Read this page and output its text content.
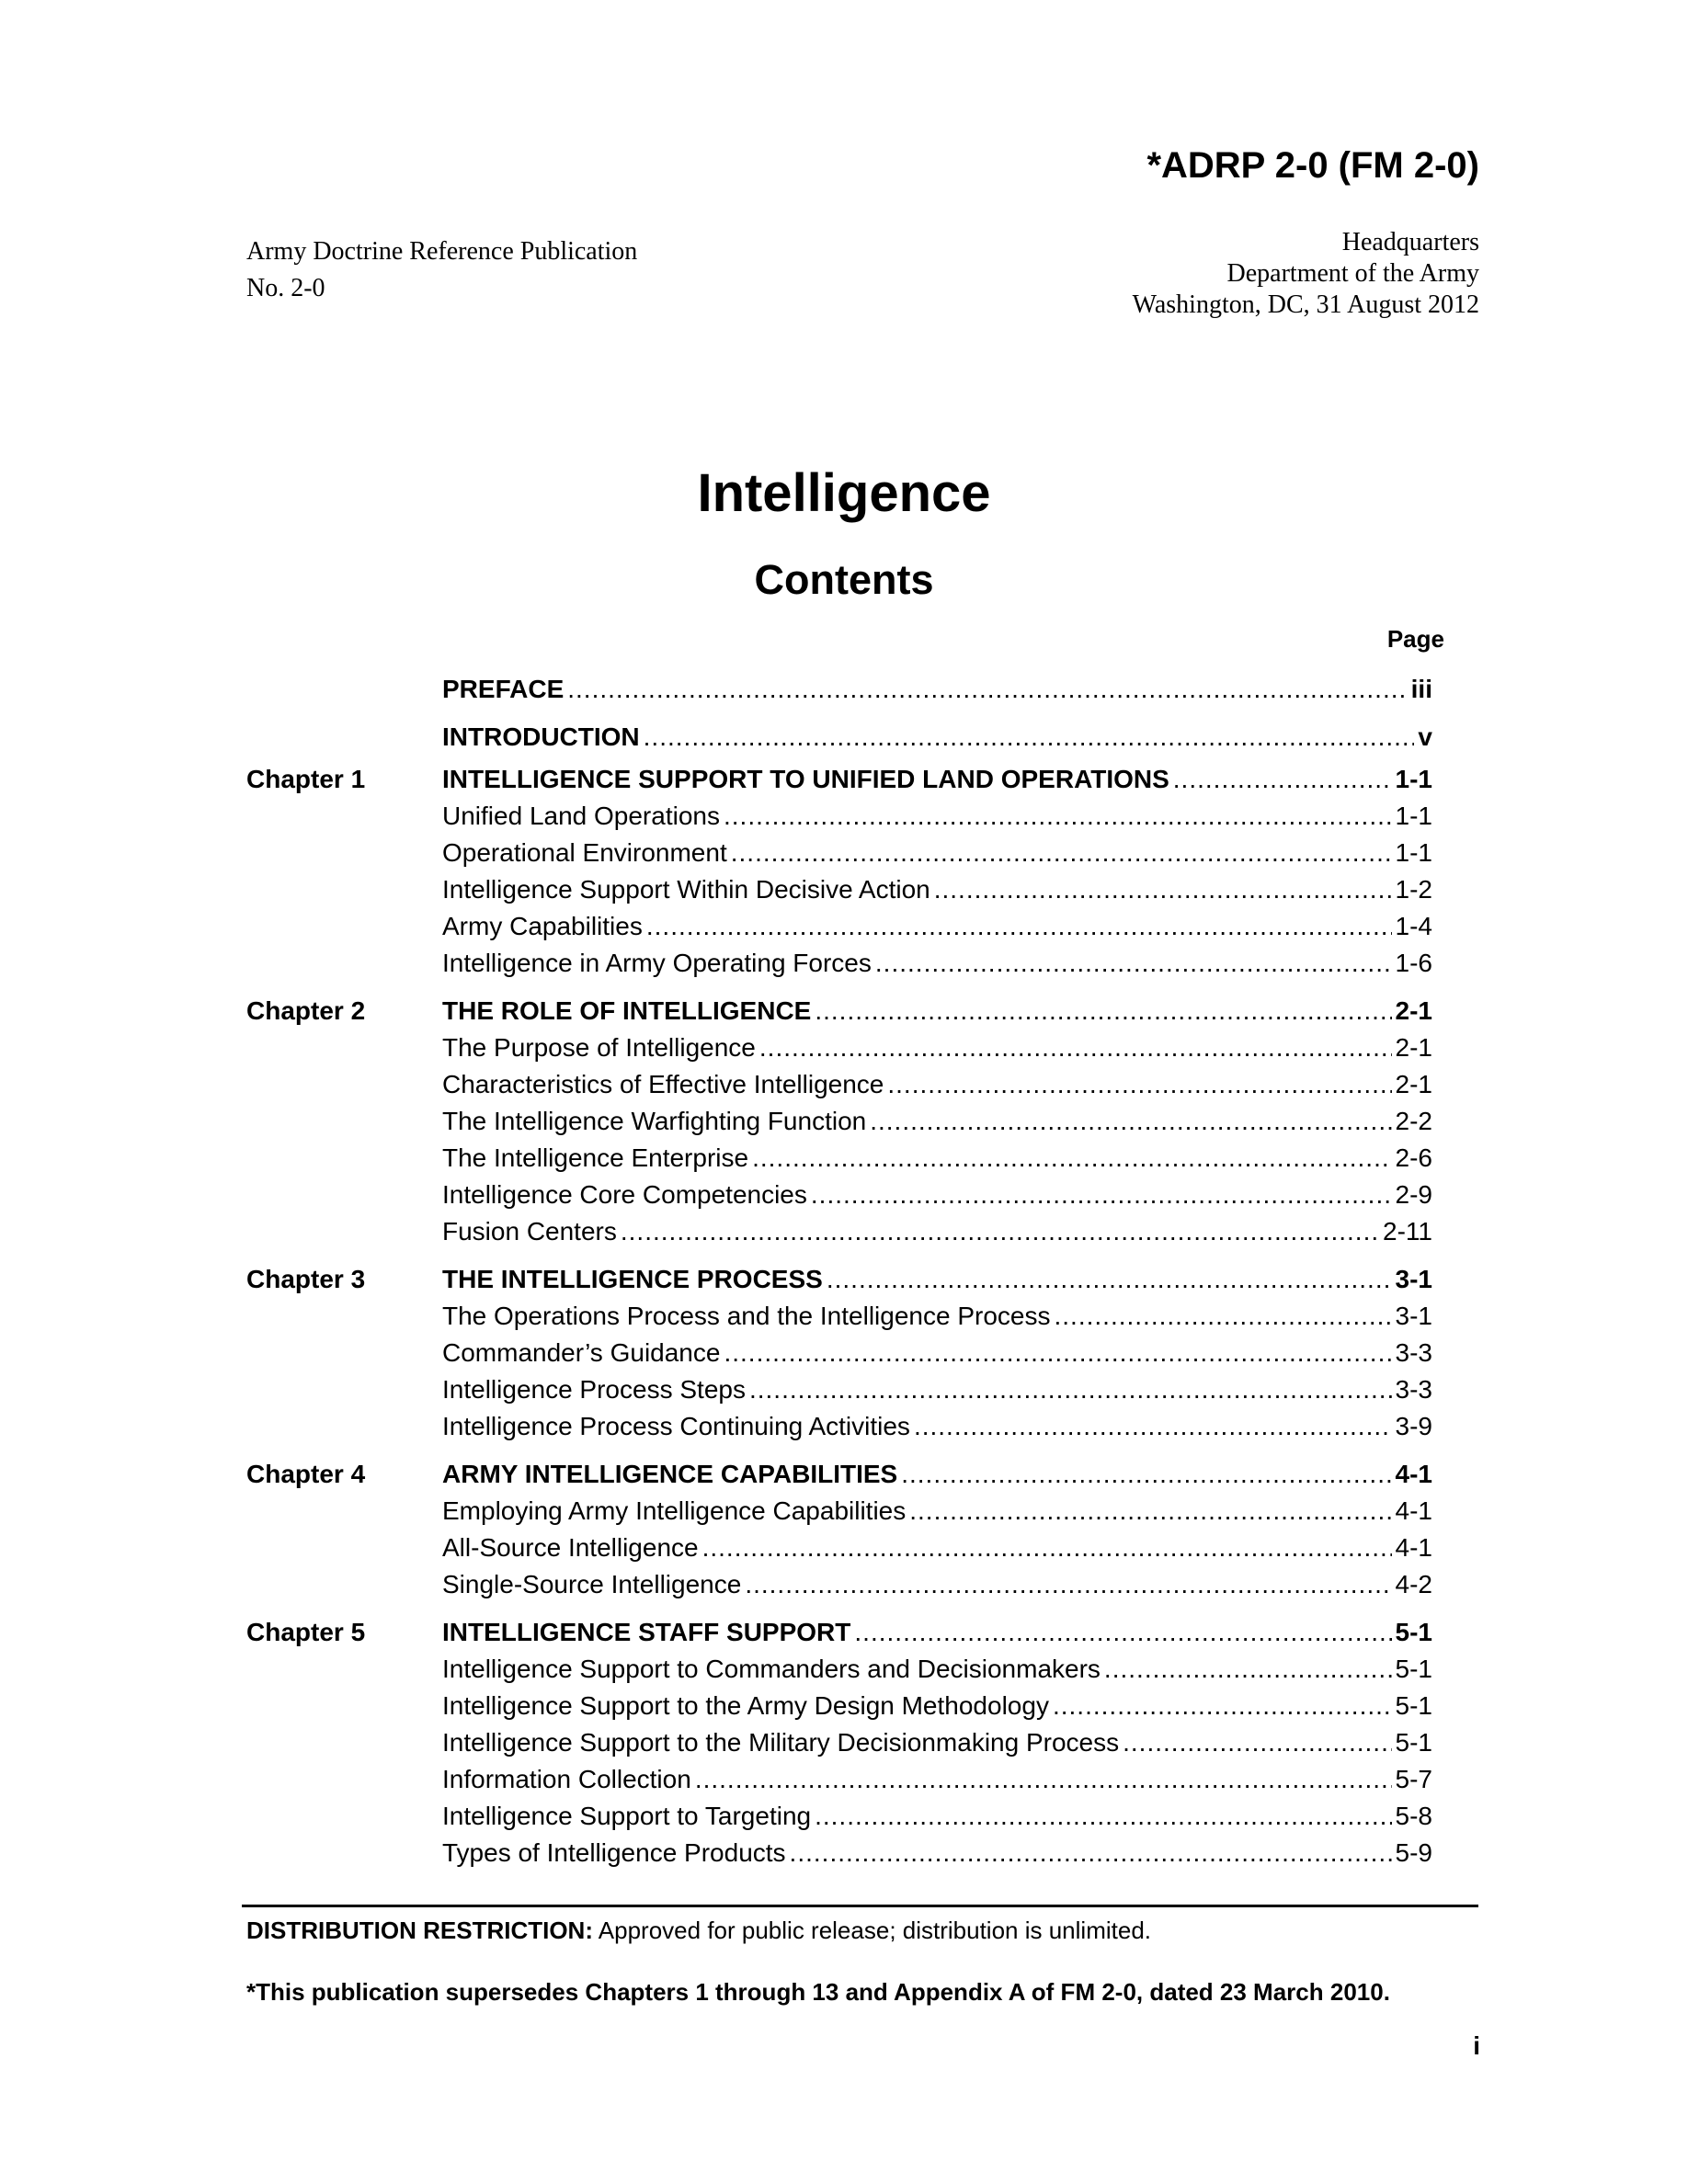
*ADRP 2-0 (FM 2-0)
Army Doctrine Reference Publication
No. 2-0
Headquarters
Department of the Army
Washington, DC, 31 August 2012
Intelligence
Contents
Page
PREFACE .....	iii
INTRODUCTION .....	v
Chapter 1	INTELLIGENCE SUPPORT TO UNIFIED LAND OPERATIONS .....	1-1
Unified Land Operations .....	1-1
Operational Environment .....	1-1
Intelligence Support Within Decisive Action .....	1-2
Army Capabilities .....	1-4
Intelligence in Army Operating Forces .....	1-6
Chapter 2	THE ROLE OF INTELLIGENCE .....	2-1
The Purpose of Intelligence .....	2-1
Characteristics of Effective Intelligence .....	2-1
The Intelligence Warfighting Function .....	2-2
The Intelligence Enterprise .....	2-6
Intelligence Core Competencies .....	2-9
Fusion Centers .....	2-11
Chapter 3	THE INTELLIGENCE PROCESS .....	3-1
The Operations Process and the Intelligence Process .....	3-1
Commander’s Guidance .....	3-3
Intelligence Process Steps .....	3-3
Intelligence Process Continuing Activities .....	3-9
Chapter 4	ARMY INTELLIGENCE CAPABILITIES .....	4-1
Employing Army Intelligence Capabilities .....	4-1
All-Source Intelligence .....	4-1
Single-Source Intelligence .....	4-2
Chapter 5	INTELLIGENCE STAFF SUPPORT .....	5-1
Intelligence Support to Commanders and Decisionmakers .....	5-1
Intelligence Support to the Army Design Methodology .....	5-1
Intelligence Support to the Military Decisionmaking Process .....	5-1
Information Collection .....	5-7
Intelligence Support to Targeting .....	5-8
Types of Intelligence Products .....	5-9
DISTRIBUTION RESTRICTION: Approved for public release; distribution is unlimited.
*This publication supersedes Chapters 1 through 13 and Appendix A of FM 2-0, dated 23 March 2010.
i
